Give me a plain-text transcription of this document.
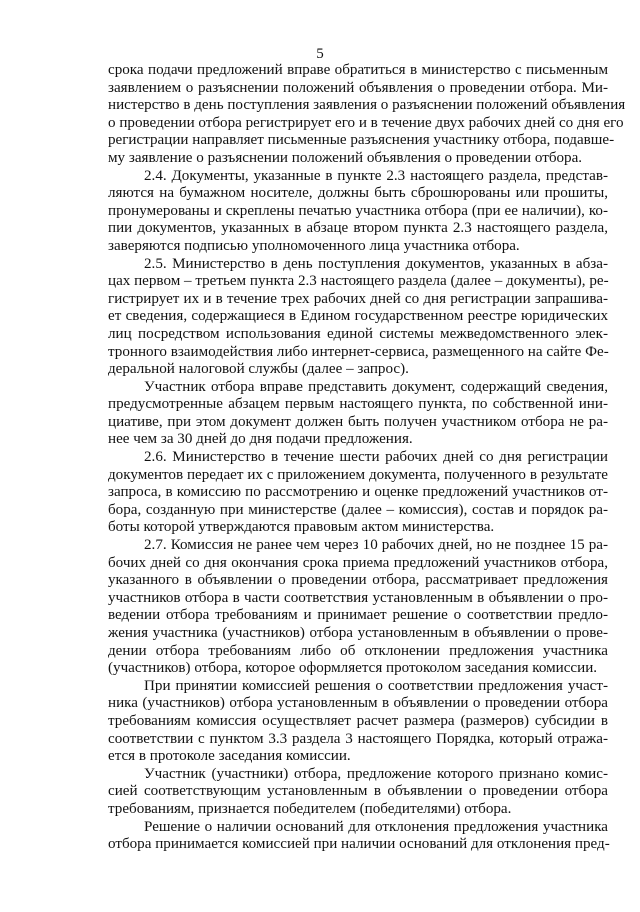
5
срока подачи предложений вправе обратиться в министерство с письменным
заявлением о разъяснении положений объявления о проведении отбора. Ми-
нистерство в день поступления заявления о разъяснении положений объявления
о проведении отбора регистрирует его и в течение двух рабочих дней со дня его
регистрации направляет письменные разъяснения участнику отбора, подавше-
му заявление о разъяснении положений объявления о проведении отбора.
2.4. Документы, указанные в пункте 2.3 настоящего раздела, представ-
ляются на бумажном носителе, должны быть сброшюрованы или прошиты,
пронумерованы и скреплены печатью участника отбора (при ее наличии), ко-
пии документов, указанных в абзаце втором пункта 2.3 настоящего раздела,
заверяются подписью уполномоченного лица участника отбора.
2.5. Министерство в день поступления документов, указанных в абза-
цах первом – третьем пункта 2.3 настоящего раздела (далее – документы), ре-
гистрирует их и в течение трех рабочих дней со дня регистрации запрашива-
ет сведения, содержащиеся в Едином государственном реестре юридических
лиц посредством использования единой системы межведомственного элек-
тронного взаимодействия либо интернет-сервиса, размещенного на сайте Фе-
деральной налоговой службы (далее – запрос).
Участник отбора вправе представить документ, содержащий сведения,
предусмотренные абзацем первым настоящего пункта, по собственной ини-
циативе, при этом документ должен быть получен участником отбора не ра-
нее чем за 30 дней до дня подачи предложения.
2.6. Министерство в течение шести рабочих дней со дня регистрации
документов передает их с приложением документа, полученного в результате
запроса, в комиссию по рассмотрению и оценке предложений участников от-
бора, созданную при министерстве (далее – комиссия), состав и порядок ра-
боты которой утверждаются правовым актом министерства.
2.7. Комиссия не ранее чем через 10 рабочих дней, но не позднее 15 ра-
бочих дней со дня окончания срока приема предложений участников отбора,
указанного в объявлении о проведении отбора, рассматривает предложения
участников отбора в части соответствия установленным в объявлении о про-
ведении отбора требованиям и принимает решение о соответствии предло-
жения участника (участников) отбора установленным в объявлении о прове-
дении отбора требованиям либо об отклонении предложения участника
(участников) отбора, которое оформляется протоколом заседания комиссии.
При принятии комиссией решения о соответствии предложения участ-
ника (участников) отбора установленным в объявлении о проведении отбора
требованиям комиссия осуществляет расчет размера (размеров) субсидии в
соответствии с пунктом 3.3 раздела 3 настоящего Порядка, который отража-
ется в протоколе заседания комиссии.
Участник (участники) отбора, предложение которого признано комис-
сией соответствующим установленным в объявлении о проведении отбора
требованиям, признается победителем (победителями) отбора.
Решение о наличии оснований для отклонения предложения участника
отбора принимается комиссией при наличии оснований для отклонения пред-
